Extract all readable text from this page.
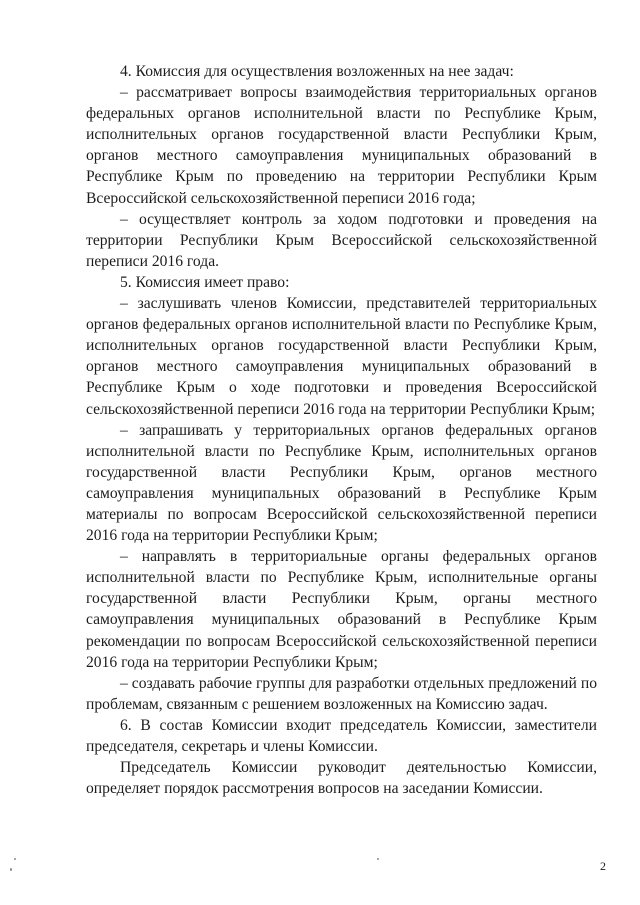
4. Комиссия для осуществления возложенных на нее задач:

– рассматривает вопросы взаимодействия территориальных органов федеральных органов исполнительной власти по Республике Крым, исполнительных органов государственной власти Республики Крым, органов местного самоуправления муниципальных образований в Республике Крым по проведению на территории Республики Крым Всероссийской сельскохозяйственной переписи 2016 года;

– осуществляет контроль за ходом подготовки и проведения на территории Республики Крым Всероссийской сельскохозяйственной переписи 2016 года.

5. Комиссия имеет право:

– заслушивать членов Комиссии, представителей территориальных органов федеральных органов исполнительной власти по Республике Крым, исполнительных органов государственной власти Республики Крым, органов местного самоуправления муниципальных образований в Республике Крым о ходе подготовки и проведения Всероссийской сельскохозяйственной переписи 2016 года на территории Республики Крым;

– запрашивать у территориальных органов федеральных органов исполнительной власти по Республике Крым, исполнительных органов государственной власти Республики Крым, органов местного самоуправления муниципальных образований в Республике Крым материалы по вопросам Всероссийской сельскохозяйственной переписи 2016 года на территории Республики Крым;

– направлять в территориальные органы федеральных органов исполнительной власти по Республике Крым, исполнительные органы государственной власти Республики Крым, органы местного самоуправления муниципальных образований в Республике Крым рекомендации по вопросам Всероссийской сельскохозяйственной переписи 2016 года на территории Республики Крым;

– создавать рабочие группы для разработки отдельных предложений по проблемам, связанным с решением возложенных на Комиссию задач.

6. В состав Комиссии входит председатель Комиссии, заместители председателя, секретарь и члены Комиссии.

Председатель Комиссии руководит деятельностью Комиссии, определяет порядок рассмотрения вопросов на заседании Комиссии.

2
